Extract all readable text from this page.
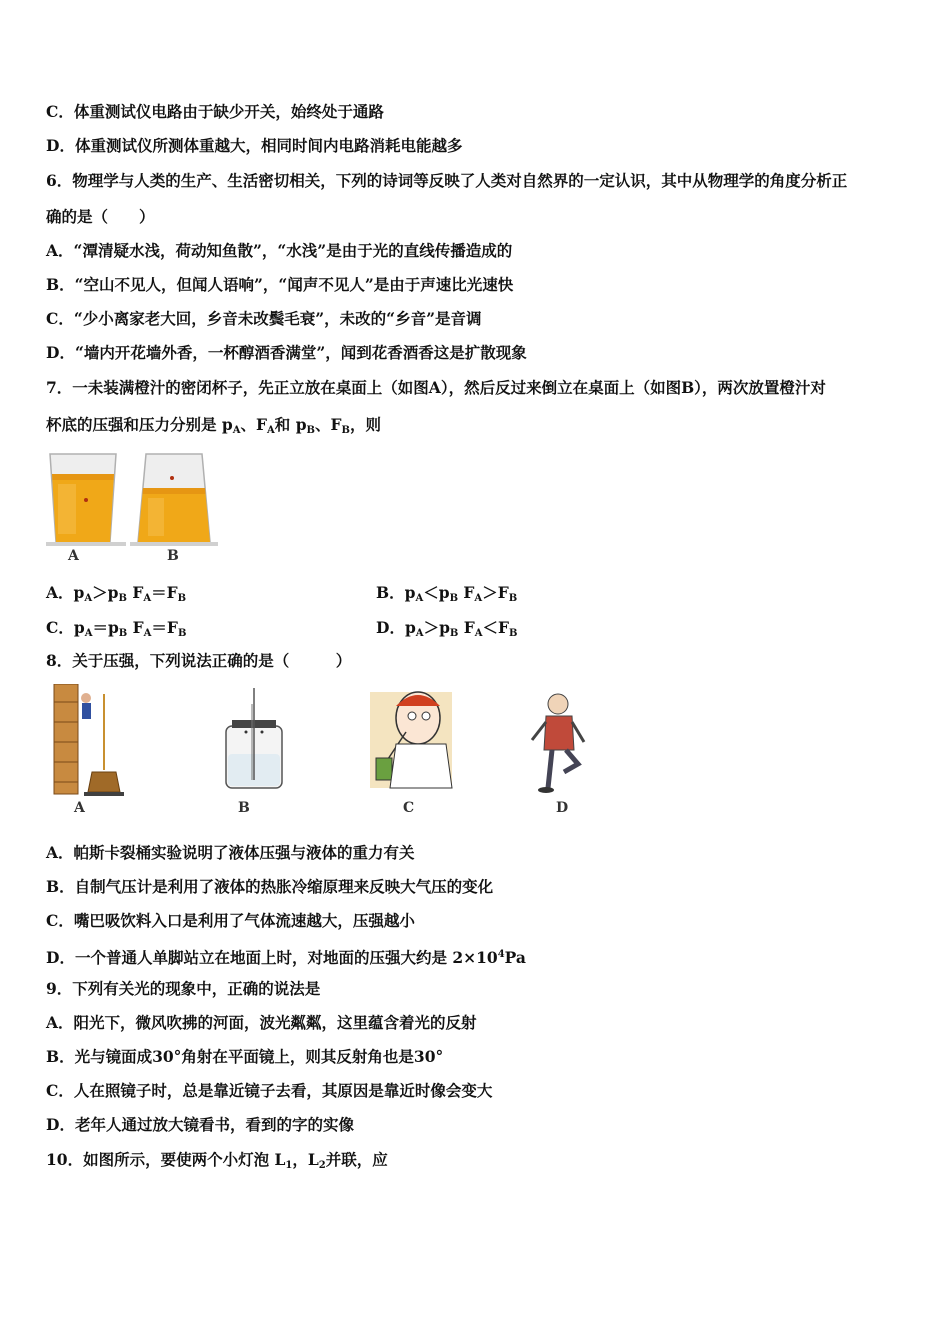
C．体重测试仪电路由于缺少开关，始终处于通路
D．体重测试仪所测体重越大，相同时间内电路消耗电能越多
6．物理学与人类的生产、生活密切相关，下列的诗词等反映了人类对自然界的一定认识，其中从物理学的角度分析正
确的是（　　）
A．“潭清疑水浅，荷动知鱼散”，“水浅”是由于光的直线传播造成的
B．“空山不见人，但闻人语响”，“闻声不见人”是由于声速比光速快
C．“少小离家老大回，乡音未改鬓毛衰”，未改的“乡音”是音调
D．“墙内开花墙外香，一杯醇酒香满堂”，闻到花香酒香这是扩散现象
7．一未装满橙汁的密闭杯子，先正立放在桌面上（如图A），然后反过来倒立在桌面上（如图B），两次放置橙汁对
杯底的压强和压力分别是 $p_A$、$F_A$和 $p_B$、$F_B$，则
A	B
A．$p_A>p_B$ $F_A=F_B$	B．$p_A<p_B$ $F_A>F_B$
C．$p_A=p_B$ $F_A=F_B$	D．$p_A>p_B$ $F_A<F_B$
8．关于压强，下列说法正确的是（　　　）
A	B	C	D
A．帕斯卡裂桶实验说明了液体压强与液体的重力有关
B．自制气压计是利用了液体的热胀冷缩原理来反映大气压的变化
C．嘴巴吸饮料入口是利用了气体流速越大，压强越小
D．一个普通人单脚站立在地面上时，对地面的压强大约是 $2\times 10^4Pa$
9．下列有关光的现象中，正确的说法是
A．阳光下，微风吹拂的河面，波光粼粼，这里蕴含着光的反射
B．光与镜面成30°角射在平面镜上，则其反射角也是30°
C．人在照镜子时，总是靠近镜子去看，其原因是靠近时像会变大
D．老年人通过放大镜看书，看到的字的实像
10．如图所示，要使两个小灯泡 $L_1$，$L_2$并联，应
